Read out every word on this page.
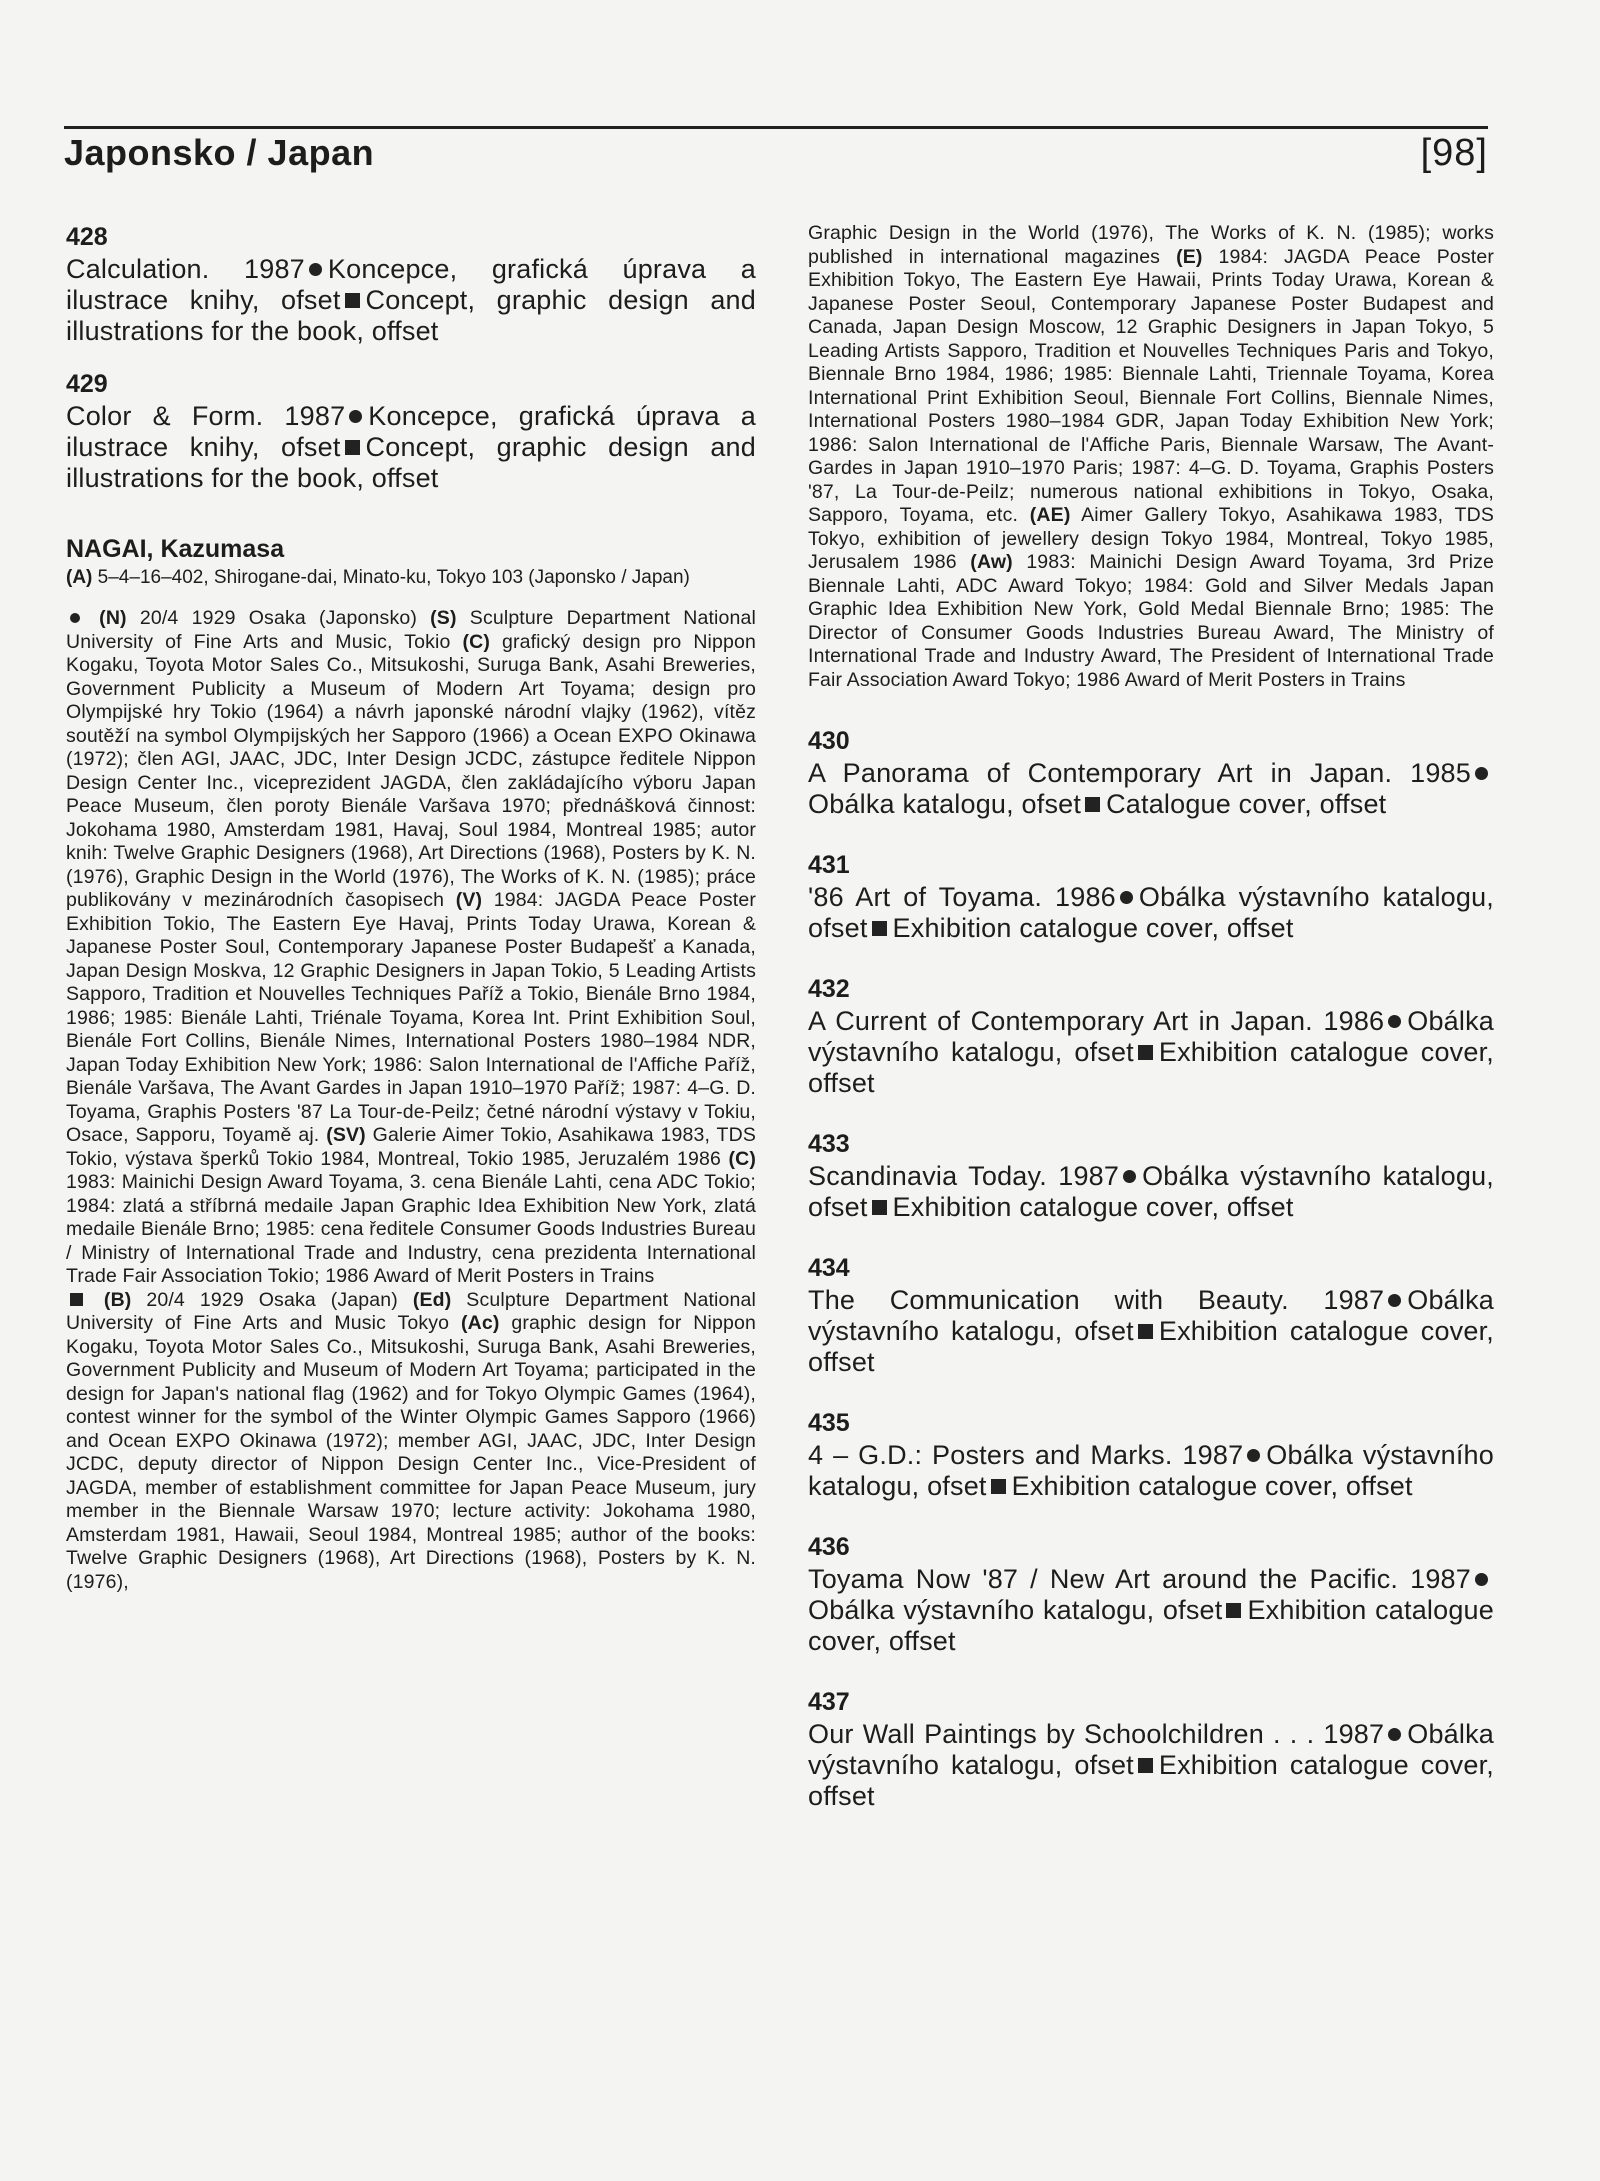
Japonsko / Japan	[98]
428
Calculation. 1987 Koncepce, grafická úprava a ilustrace knihy, ofset Concept, graphic design and illustrations for the book, offset
429
Color & Form. 1987 Koncepce, grafická úprava a ilustrace knihy, ofset Concept, graphic design and illustrations for the book, offset
NAGAI, Kazumasa
(A) 5–4–16–402, Shirogane-dai, Minato-ku, Tokyo 103 (Japonsko / Japan)
(N) 20/4 1929 Osaka (Japonsko) (S) Sculpture Department National University of Fine Arts and Music, Tokio (C) grafický design pro Nippon Kogaku, Toyota Motor Sales Co., Mitsukoshi, Suruga Bank, Asahi Breweries, Government Publicity a Museum of Modern Art Toyama; design pro Olympijské hry Tokio (1964) a návrh japonské národní vlajky (1962), vítěz soutěží na symbol Olympijských her Sapporo (1966) a Ocean EXPO Okinawa (1972); člen AGI, JAAC, JDC, Inter Design JCDC, zástupce ředitele Nippon Design Center Inc., viceprezident JAGDA, člen zakládajícího výboru Japan Peace Museum, člen poroty Bienále Varšava 1970; přednášková činnost: Jokohama 1980, Amsterdam 1981, Havaj, Soul 1984, Montreal 1985; autor knih: Twelve Graphic Designers (1968), Art Directions (1968), Posters by K. N. (1976), Graphic Design in the World (1976), The Works of K. N. (1985); práce publikovány v mezinárodních časopisech (V) 1984: JAGDA Peace Poster Exhibition Tokio, The Eastern Eye Havaj, Prints Today Urawa, Korean & Japanese Poster Soul, Contemporary Japanese Poster Budapešť a Kanada, Japan Design Moskva, 12 Graphic Designers in Japan Tokio, 5 Leading Artists Sapporo, Tradition et Nouvelles Techniques Paříž a Tokio, Bienále Brno 1984, 1986; 1985: Bienále Lahti, Triénale Toyama, Korea Int. Print Exhibition Soul, Bienále Fort Collins, Bienále Nimes, International Posters 1980–1984 NDR, Japan Today Exhibition New York; 1986: Salon International de l'Affiche Paříž, Bienále Varšava, The Avant Gardes in Japan 1910–1970 Paříž; 1987: 4–G. D. Toyama, Graphis Posters '87 La Tour-de-Peilz; četné národní výstavy v Tokiu, Osace, Sapporu, Toyamě aj. (SV) Galerie Aimer Tokio, Asahikawa 1983, TDS Tokio, výstava šperků Tokio 1984, Montreal, Tokio 1985, Jeruzalém 1986 (C) 1983: Mainichi Design Award Toyama, 3. cena Bienále Lahti, cena ADC Tokio; 1984: zlatá a stříbrná medaile Japan Graphic Idea Exhibition New York, zlatá medaile Bienále Brno; 1985: cena ředitele Consumer Goods Industries Bureau / Ministry of International Trade and Industry, cena prezidenta International Trade Fair Association Tokio; 1986 Award of Merit Posters in Trains
(B) 20/4 1929 Osaka (Japan) (Ed) Sculpture Department National University of Fine Arts and Music Tokyo (Ac) graphic design for Nippon Kogaku, Toyota Motor Sales Co., Mitsukoshi, Suruga Bank, Asahi Breweries, Government Publicity and Museum of Modern Art Toyama; participated in the design for Japan's national flag (1962) and for Tokyo Olympic Games (1964), contest winner for the symbol of the Winter Olympic Games Sapporo (1966) and Ocean EXPO Okinawa (1972); member AGI, JAAC, JDC, Inter Design JCDC, deputy director of Nippon Design Center Inc., Vice-President of JAGDA, member of establishment committee for Japan Peace Museum, jury member in the Biennale Warsaw 1970; lecture activity: Jokohama 1980, Amsterdam 1981, Hawaii, Seoul 1984, Montreal 1985; author of the books: Twelve Graphic Designers (1968), Art Directions (1968), Posters by K. N. (1976),
Graphic Design in the World (1976), The Works of K. N. (1985); works published in international magazines (E) 1984: JAGDA Peace Poster Exhibition Tokyo, The Eastern Eye Hawaii, Prints Today Urawa, Korean & Japanese Poster Seoul, Contemporary Japanese Poster Budapest and Canada, Japan Design Moscow, 12 Graphic Designers in Japan Tokyo, 5 Leading Artists Sapporo, Tradition et Nouvelles Techniques Paris and Tokyo, Biennale Brno 1984, 1986; 1985: Biennale Lahti, Triennale Toyama, Korea International Print Exhibition Seoul, Biennale Fort Collins, Biennale Nimes, International Posters 1980–1984 GDR, Japan Today Exhibition New York; 1986: Salon International de l'Affiche Paris, Biennale Warsaw, The Avant-Gardes in Japan 1910–1970 Paris; 1987: 4–G. D. Toyama, Graphis Posters '87, La Tour-de-Peilz; numerous national exhibitions in Tokyo, Osaka, Sapporo, Toyama, etc. (AE) Aimer Gallery Tokyo, Asahikawa 1983, TDS Tokyo, exhibition of jewellery design Tokyo 1984, Montreal, Tokyo 1985, Jerusalem 1986 (Aw) 1983: Mainichi Design Award Toyama, 3rd Prize Biennale Lahti, ADC Award Tokyo; 1984: Gold and Silver Medals Japan Graphic Idea Exhibition New York, Gold Medal Biennale Brno; 1985: The Director of Consumer Goods Industries Bureau Award, The Ministry of International Trade and Industry Award, The President of International Trade Fair Association Award Tokyo; 1986 Award of Merit Posters in Trains
430
A Panorama of Contemporary Art in Japan. 1985Obálka katalogu, ofset Catalogue cover, offset
431
'86 Art of Toyama. 1986 Obálka výstavního katalogu, ofset Exhibition catalogue cover, offset
432
A Current of Contemporary Art in Japan. 1986 Obálka výstavního katalogu, ofset Exhibition catalogue cover, offset
433
Scandinavia Today. 1987 Obálka výstavního katalogu, ofset Exhibition catalogue cover, offset
434
The Communication with Beauty. 1987 Obálka výstavního katalogu, ofset Exhibition catalogue cover, offset
435
4 – G.D.: Posters and Marks. 1987 Obálka výstavního katalogu, ofset Exhibition catalogue cover, offset
436
Toyama Now '87 / New Art around the Pacific. 1987Obálka výstavního katalogu, ofset Exhibition catalogue cover, offset
437
Our Wall Paintings by Schoolchildren . . . 1987 Obálka výstavního katalogu, ofset Exhibition catalogue cover, offset
